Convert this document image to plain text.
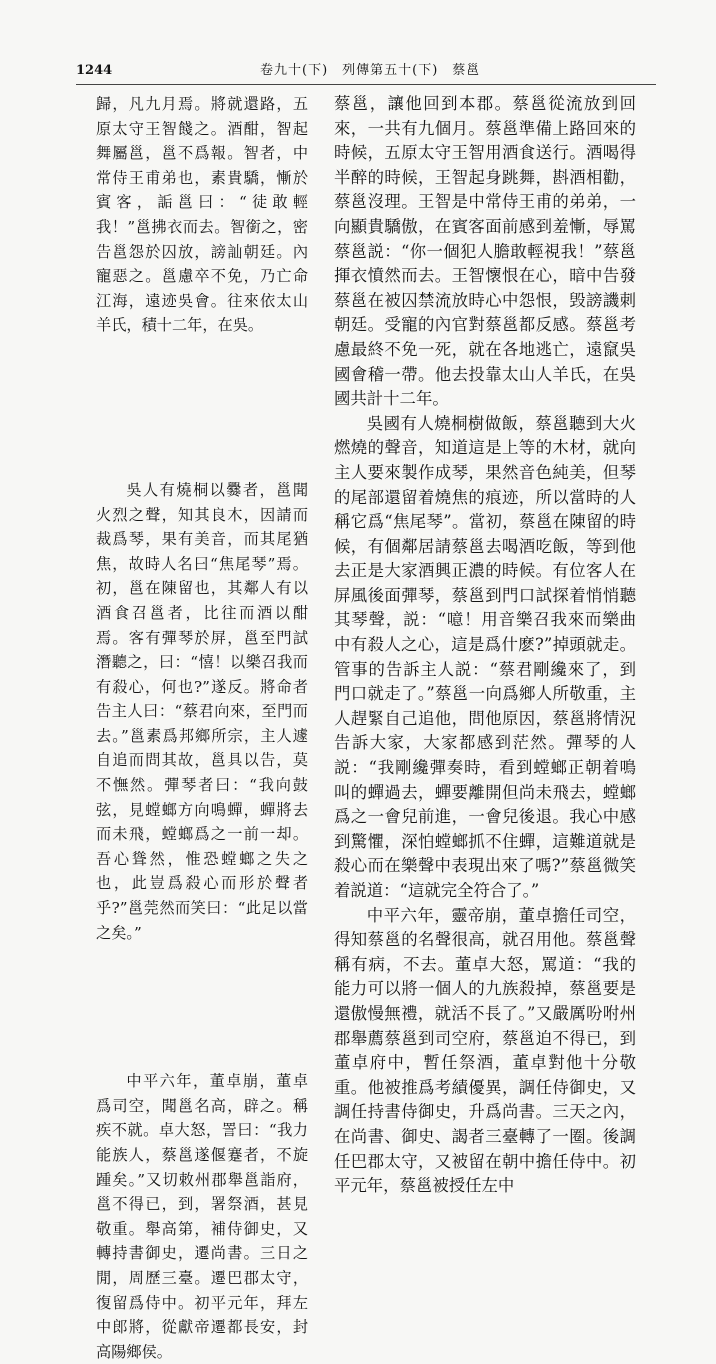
1244	卷九十(下)　列傳第五十(下)　蔡邕

歸，凡九月焉。將就還路，五原太守王智餞之。酒酣，智起舞屬邕，邕不爲報。智者，中常侍王甫弟也，素貴驕，慚於賓客，詬邕曰：“徒敢輕我！”邕拂衣而去。智銜之，密告邕怨於囚放，謗訕朝廷。內寵惡之。邕慮卒不免，乃亡命江海，遠迹吳會。往來依太山羊氏，積十二年，在吳。

吳人有燒桐以爨者，邕聞火烈之聲，知其良木，因請而裁爲琴，果有美音，而其尾猶焦，故時人名曰“焦尾琴”焉。初，邕在陳留也，其鄰人有以酒食召邕者，比往而酒以酣焉。客有彈琴於屏，邕至門試潛聽之，曰：“憘！以樂召我而有殺心，何也?”遂反。將命者告主人曰：“蔡君向來，至門而去。”邕素爲邦鄉所宗，主人遽自追而問其故，邕具以告，莫不憮然。彈琴者曰：“我向鼓弦，見螳螂方向鳴蟬，蟬將去而未飛，螳螂爲之一前一却。吾心聳然，惟恐螳螂之失之也，此豈爲殺心而形於聲者乎?”邕莞然而笑曰：“此足以當之矣。”

中平六年，董卓崩，董卓爲司空，聞邕名高，辟之。稱疾不就。卓大怒，詈曰：“我力能族人，蔡邕遂偃蹇者，不旋踵矣。”又切敕州郡舉邕詣府，邕不得已，到，署祭酒，甚見敬重。舉高第，補侍御史，又轉持書御史，遷尚書。三日之閒，周歷三臺。遷巴郡太守，復留爲侍中。初平元年，拜左中郎將，從獻帝遷都長安，封高陽鄉侯。

蔡邕，讓他回到本郡。蔡邕從流放到回來，一共有九個月。蔡邕準備上路回來的時候，五原太守王智用酒食送行。酒喝得半醉的時候，王智起身跳舞，斟酒相勸，蔡邕沒理。王智是中常侍王甫的弟弟，一向顯貴驕傲，在賓客面前感到羞慚，辱罵蔡邕説：“你一個犯人膽敢輕視我！”蔡邕揮衣憤然而去。王智懷恨在心，暗中告發蔡邕在被囚禁流放時心中怨恨，毁謗譏刺朝廷。受寵的內官對蔡邕都反感。蔡邕考慮最終不免一死，就在各地逃亡，遠竄吳國會稽一帶。他去投靠太山人羊氏，在吳國共計十二年。

吳國有人燒桐樹做飯，蔡邕聽到大火燃燒的聲音，知道這是上等的木材，就向主人要來製作成琴，果然音色純美，但琴的尾部還留着燒焦的痕迹，所以當時的人稱它爲“焦尾琴”。當初，蔡邕在陳留的時候，有個鄰居請蔡邕去喝酒吃飯，等到他去正是大家酒興正濃的時候。有位客人在屏風後面彈琴，蔡邕到門口試探着悄悄聽其琴聲，説：“噫！用音樂召我來而樂曲中有殺人之心，這是爲什麽?”掉頭就走。管事的告訴主人説：“蔡君剛纔來了，到門口就走了。”蔡邕一向爲鄉人所敬重，主人趕緊自己追他，問他原因，蔡邕將情況告訴大家，大家都感到茫然。彈琴的人説：“我剛纔彈奏時，看到螳螂正朝着鳴叫的蟬過去，蟬要離開但尚未飛去，螳螂爲之一會兒前進，一會兒後退。我心中感到驚懼，深怕螳螂抓不住蟬，這難道就是殺心而在樂聲中表現出來了嗎?”蔡邕微笑着説道：“這就完全符合了。”

中平六年，靈帝崩，董卓擔任司空，得知蔡邕的名聲很高，就召用他。蔡邕聲稱有病，不去。董卓大怒，罵道：“我的能力可以將一個人的九族殺掉，蔡邕要是還傲慢無禮，就活不長了。”又嚴厲吩咐州郡舉薦蔡邕到司空府，蔡邕迫不得已，到董卓府中，暫任祭酒，董卓對他十分敬重。他被推爲考績優異，調任侍御史，又調任持書侍御史，升爲尚書。三天之內，在尚書、御史、謁者三臺轉了一圈。後調任巴郡太守，又被留在朝中擔任侍中。初平元年，蔡邕被授任左中
